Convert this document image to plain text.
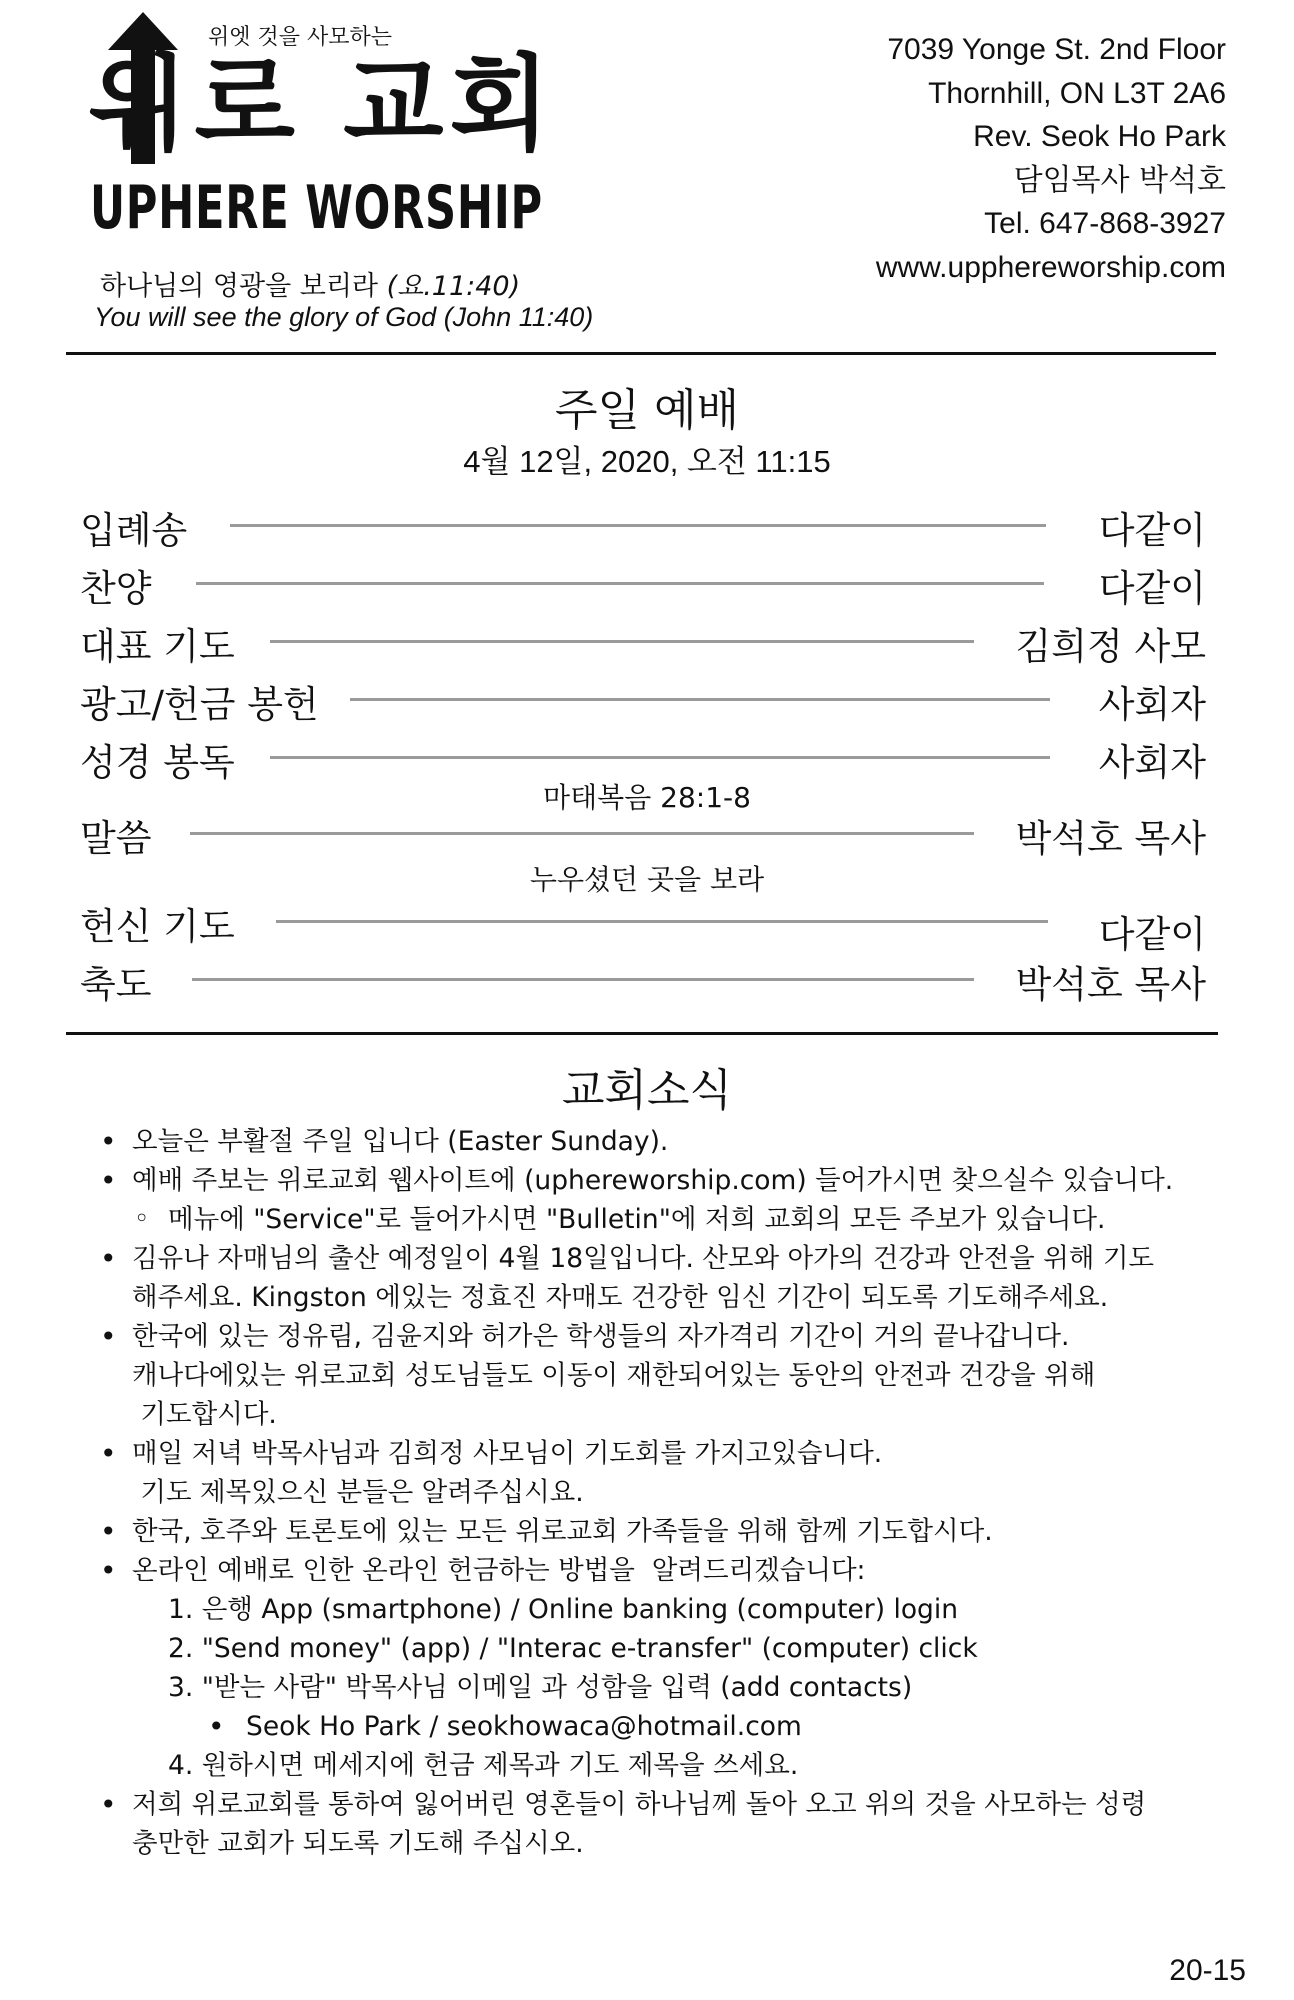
위엣 것을 사모하는
위로 교회
UPHERE WORSHIP
하나님의 영광을 보리라 (요.11:40)
You will see the glory of God (John 11:40)
7039 Yonge St. 2nd Floor
Thornhill, ON L3T 2A6
Rev. Seok Ho Park
담임목사 박석호
Tel. 647-868-3927
www.upphereworship.com
주일 예배
4월 12일, 2020, 오전 11:15
입례송	다같이
찬양	다같이
대표 기도	김희정 사모
광고/헌금 봉헌	사회자
성경 봉독	사회자
마태복음 28:1-8
말씀	박석호 목사
누우셨던 곳을 보라
헌신 기도	다같이
축도	박석호 목사
교회소식
• 오늘은 부활절 주일 입니다 (Easter Sunday).
• 예배 주보는 위로교회 웹사이트에 (uphereworship.com) 들어가시면 찾으실수 있습니다.
◦ 메뉴에 "Service"로 들어가시면 "Bulletin"에 저희 교회의 모든 주보가 있습니다.
• 김유나 자매님의 출산 예정일이 4월 18일입니다. 산모와 아가의 건강과 안전을 위해 기도
해주세요. Kingston 에있는 정효진 자매도 건강한 임신 기간이 되도록 기도해주세요.
• 한국에 있는 정유림, 김윤지와 허가은 학생들의 자가격리 기간이 거의 끝나갑니다.
캐나다에있는 위로교회 성도님들도 이동이 재한되어있는 동안의 안전과 건강을 위해
기도합시다.
• 매일 저녁 박목사님과 김희정 사모님이 기도회를 가지고있습니다.
기도 제목있으신 분들은 알려주십시요.
• 한국, 호주와 토론토에 있는 모든 위로교회 가족들을 위해 함께 기도합시다.
• 온라인 예배로 인한 온라인 헌금하는 방법을  알려드리겠습니다:
1. 은행 App (smartphone) / Online banking (computer) login
2. "Send money" (app) / "Interac e-transfer" (computer) click
3. "받는 사람" 박목사님 이메일 과 성함을 입력 (add contacts)
• Seok Ho Park / seokhowaca@hotmail.com
4. 원하시면 메세지에 헌금 제목과 기도 제목을 쓰세요.
• 저희 위로교회를 통하여 잃어버린 영혼들이 하나님께 돌아 오고 위의 것을 사모하는 성령
충만한 교회가 되도록 기도해 주십시오.
20-15
